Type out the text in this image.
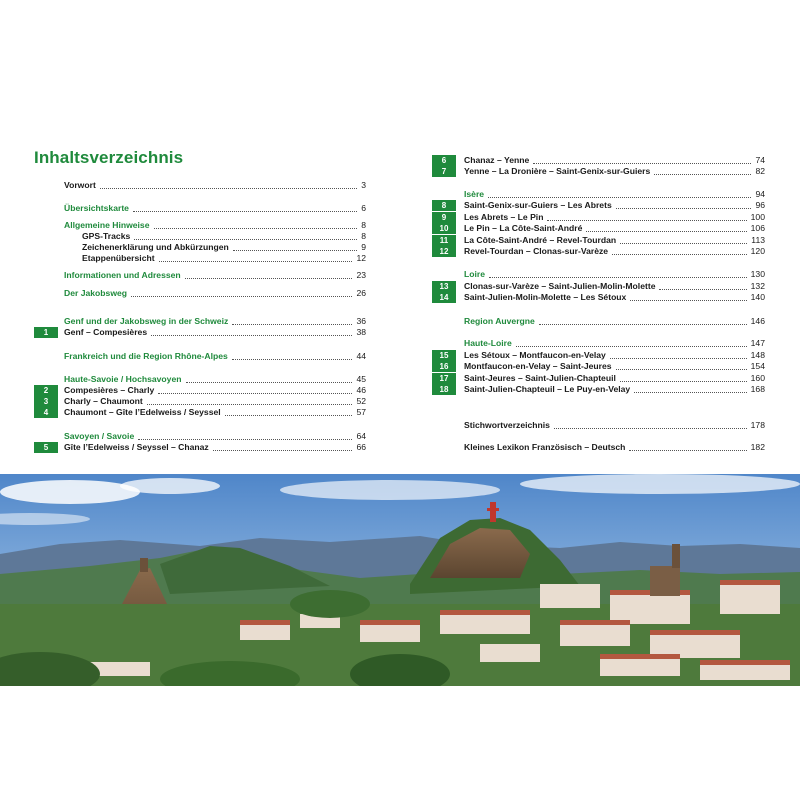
Inhaltsverzeichnis
Vorwort	3
Übersichtskarte	6
Allgemeine Hinweise	8
GPS-Tracks	8
Zeichenerklärung und Abkürzungen	9
Etappenübersicht	12
Informationen und Adressen	23
Der Jakobsweg	26
Genf und der Jakobsweg in der Schweiz	36
1	Genf – Compesières	38
Frankreich und die Region Rhône-Alpes	44
Haute-Savoie / Hochsavoyen	45
2	Compesières – Charly	46
3	Charly – Chaumont	52
4	Chaumont – Gîte l’Edelweiss / Seyssel	57
Savoyen / Savoie	64
5	Gîte l’Edelweiss / Seyssel – Chanaz	66
6	Chanaz – Yenne	74
7	Yenne – La Dronière – Saint-Genix-sur-Guiers	82
Isère	94
8	Saint-Genix-sur-Guiers – Les Abrets	96
9	Les Abrets – Le Pin	100
10	Le Pin – La Côte-Saint-André	106
11	La Côte-Saint-André – Revel-Tourdan	113
12	Revel-Tourdan – Clonas-sur-Varèze	120
Loire	130
13	Clonas-sur-Varèze – Saint-Julien-Molin-Molette	132
14	Saint-Julien-Molin-Molette – Les Sétoux	140
Region Auvergne	146
Haute-Loire	147
15	Les Sétoux – Montfaucon-en-Velay	148
16	Montfaucon-en-Velay – Saint-Jeures	154
17	Saint-Jeures – Saint-Julien-Chapteuil	160
18	Saint-Julien-Chapteuil – Le Puy-en-Velay	168
Stichwortverzeichnis	178
Kleines Lexikon Französisch – Deutsch	182
